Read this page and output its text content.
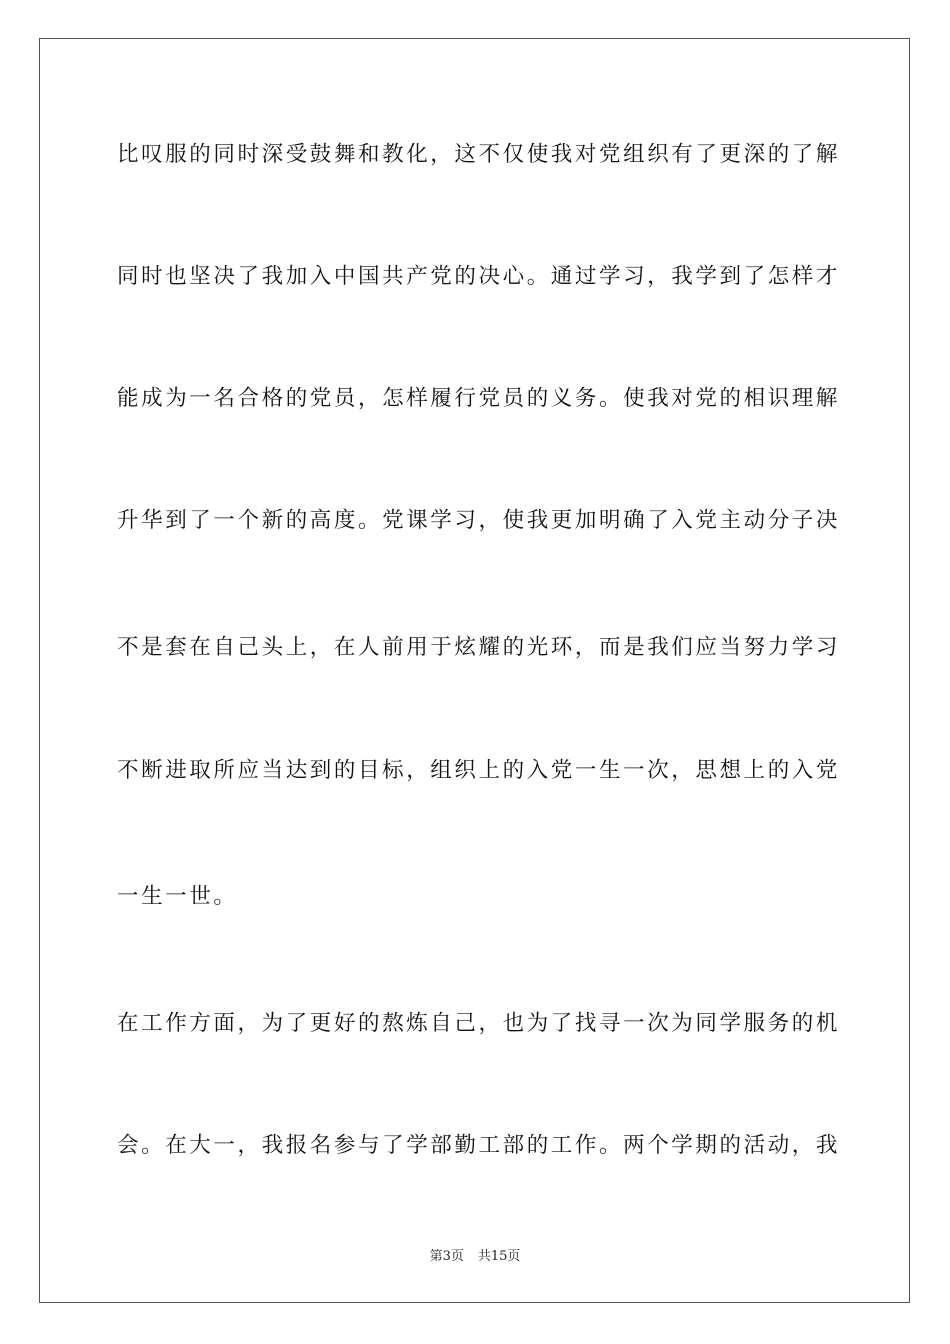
比叹服的同时深受鼓舞和教化，这不仅使我对党组织有了更深的了解
同时也坚决了我加入中国共产党的决心。通过学习，我学到了怎样才
能成为一名合格的党员，怎样履行党员的义务。使我对党的相识理解
升华到了一个新的高度。党课学习，使我更加明确了入党主动分子决
不是套在自己头上，在人前用于炫耀的光环，而是我们应当努力学习
不断进取所应当达到的目标，组织上的入党一生一次，思想上的入党
一生一世。
在工作方面，为了更好的熬炼自己，也为了找寻一次为同学服务的机
会。在大一，我报名参与了学部勤工部的工作。两个学期的活动，我
第3页 共15页
